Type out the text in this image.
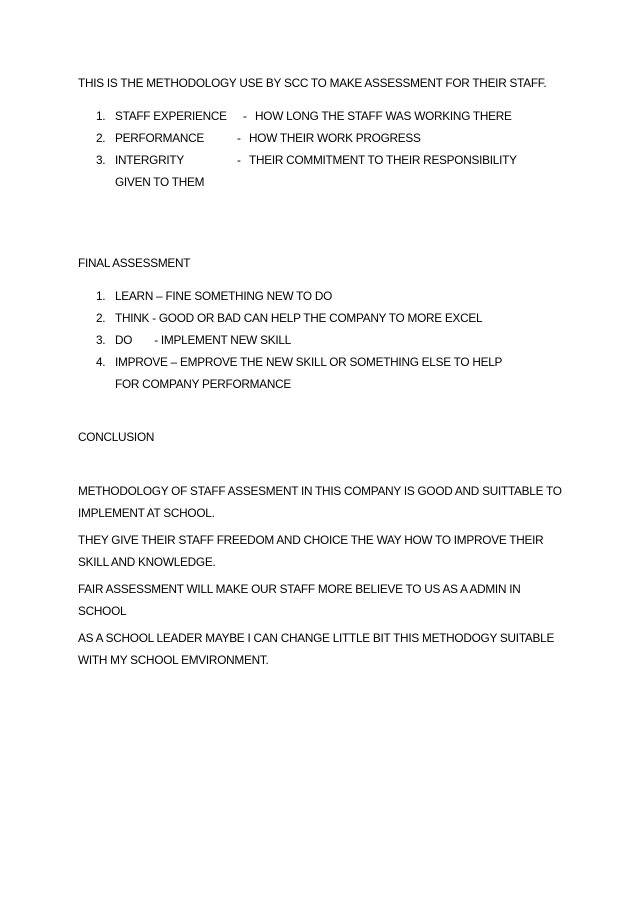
THIS IS THE METHODOLOGY USE BY SCC TO MAKE ASSESSMENT FOR THEIR STAFF.

1. STAFF EXPERIENCE - HOW LONG THE STAFF WAS WORKING THERE
2. PERFORMANCE	- HOW THEIR WORK PROGRESS
3. INTERGRITY	- THEIR COMMITMENT TO THEIR RESPONSIBILITY
GIVEN TO THEM

FINAL ASSESSMENT

1. LEARN – FINE SOMETHING NEW TO DO
2. THINK - GOOD OR BAD CAN HELP THE COMPANY TO MORE EXCEL
3. DO - IMPLEMENT NEW SKILL
4. IMPROVE – EMPROVE THE NEW SKILL OR SOMETHING ELSE TO HELP
FOR COMPANY PERFORMANCE

CONCLUSION

METHODOLOGY OF STAFF ASSESMENT IN THIS COMPANY IS GOOD AND SUITTABLE TO IMPLEMENT AT SCHOOL.

THEY GIVE THEIR STAFF FREEDOM AND CHOICE THE WAY HOW TO IMPROVE THEIR SKILL AND KNOWLEDGE.

FAIR ASSESSMENT WILL MAKE OUR STAFF MORE BELIEVE TO US AS A ADMIN IN SCHOOL

AS A SCHOOL LEADER MAYBE I CAN CHANGE LITTLE BIT THIS METHODOGY SUITABLE WITH MY SCHOOL EMVIRONMENT.
